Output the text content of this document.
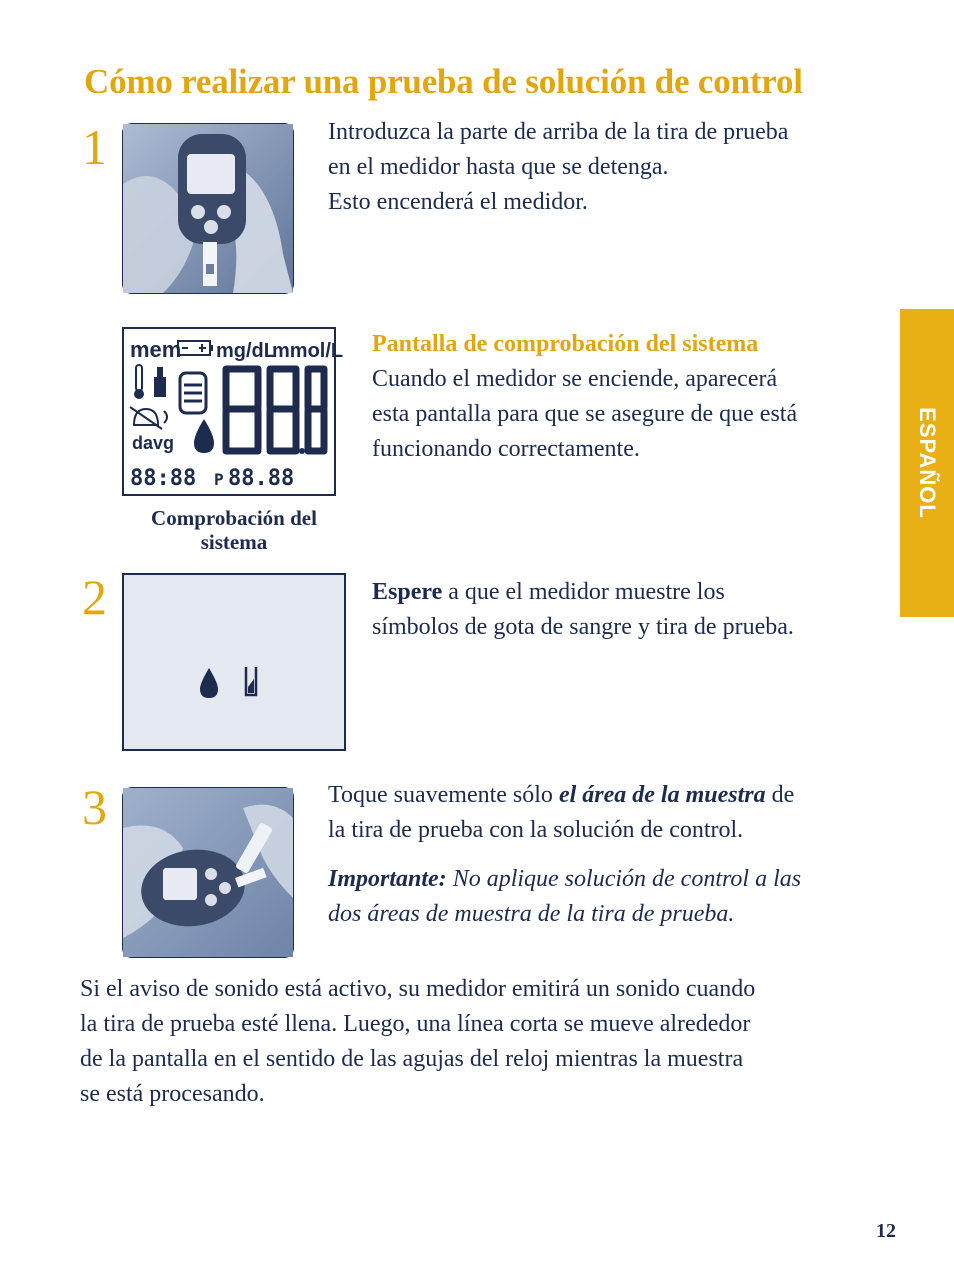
Cómo realizar una prueba de solución de control
ESPAÑOL
1	Introduzca la parte de arriba de la tira de prueba
en el medidor hasta que se detenga.
Esto encenderá el medidor.
mem mg/dL
mmol/L
davg
88:88 P 88.88
Comprobación del
sistema
Pantalla de comprobación del sistema
Cuando el medidor se enciende, aparecerá
esta pantalla para que se asegure de que está
funcionando correctamente.
2	Espere a que el medidor muestre los
símbolos de gota de sangre y tira de prueba.
3	Toque suavemente sólo el área de la muestra de
la tira de prueba con la solución de control.
Importante: No aplique solución de control a las
dos áreas de muestra de la tira de prueba.
Si el aviso de sonido está activo, su medidor emitirá un sonido cuando
la tira de prueba esté llena. Luego, una línea corta se mueve alrededor
de la pantalla en el sentido de las agujas del reloj mientras la muestra
se está procesando.
12
